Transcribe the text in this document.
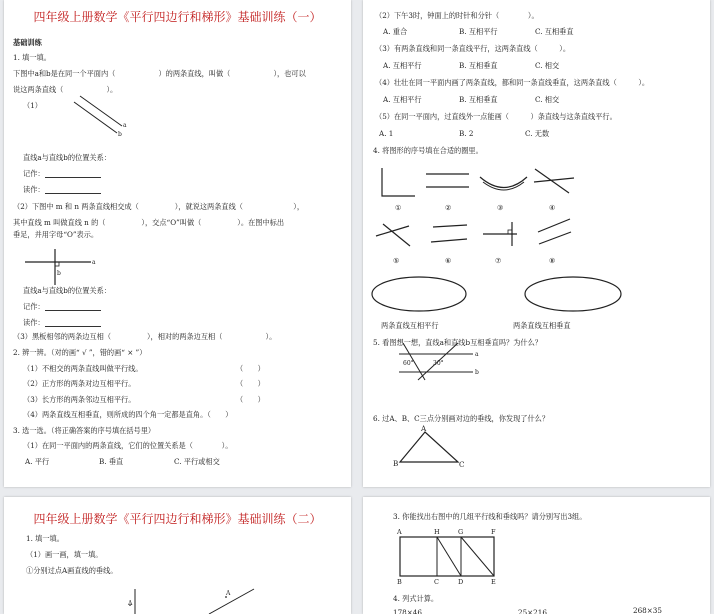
四年级上册数学《平行四边行和梯形》基础训练（一）
基础训练
1. 填一填。
下图中a和b是在同一个平面内（　　　　　　）的两条直线，叫做（　　　　　　），也可以
说这两条直线（　　　　　　）。
（1）
a
b
直线a与直线b的位置关系：
记作：
读作：
（2）下图中 m 和 n 两条直线相交成（　　　　　），就说这两条直线（　　　　　　　），
其中直线 m 叫做直线 n 的（　　　　　），交点“O”叫做（　　　　　）。在图中标出
垂足，并用字母“O”表示。
a
b
直线a与直线b的位置关系：
记作：
读作：
（3）黑板相邻的两条边互相（　　　　　），相对的两条边互相（　　　　　　）。
2. 辨一辨。（对的画“ √ ”，错的画“ × ”）
（1）不相交的两条直线叫做平行线。	（　　）
（2）正方形的两条对边互相平行。	（　　）
（3）长方形的两条邻边互相平行。	（　　）
（4）两条直线互相垂直，则所成的四个角一定都是直角。（　　）
3. 选一选。（将正确答案的序号填在括号里）
（1）在同一平面内的两条直线，它们的位置关系是（　　　　）。
A. 平行	B. 垂直	C. 平行或相交
（2）下午3时，钟面上的时针和分针（　　　　）。
A. 重合	B. 互相平行	C. 互相垂直
（3）有两条直线和同一条直线平行，这两条直线（　　　）。
A. 互相平行	B. 互相垂直	C. 相交
（4）壮壮在同一平面内画了两条直线，都和同一条直线垂直，这两条直线（　　　）。
A. 互相平行	B. 互相垂直	C. 相交
（5）在同一平面内，过直线外一点能画（　　　）条直线与这条直线平行。
A. 1	B. 2	C. 无数
4. 将图形的序号填在合适的圈里。
①	②	③	④
⑤	⑥	⑦	⑧
两条直线互相平行	两条直线互相垂直
5. 看图想一想，直线a和直线b互相垂直吗？为什么？
60°	30°
a
b
6. 过A、B、C三点分别画对边的垂线，你发现了什么？
A
B	C
四年级上册数学《平行四边行和梯形》基础训练（二）
1. 填一填。
（1）画一画，填一填。
①分别过点A画直线的垂线。
A
A
3. 你能找出右图中的几组平行线和垂线吗？请分别写出3组。
A	H	G	F
B	C	D	E
4. 列式计算。
178×46	25×216	268×35
